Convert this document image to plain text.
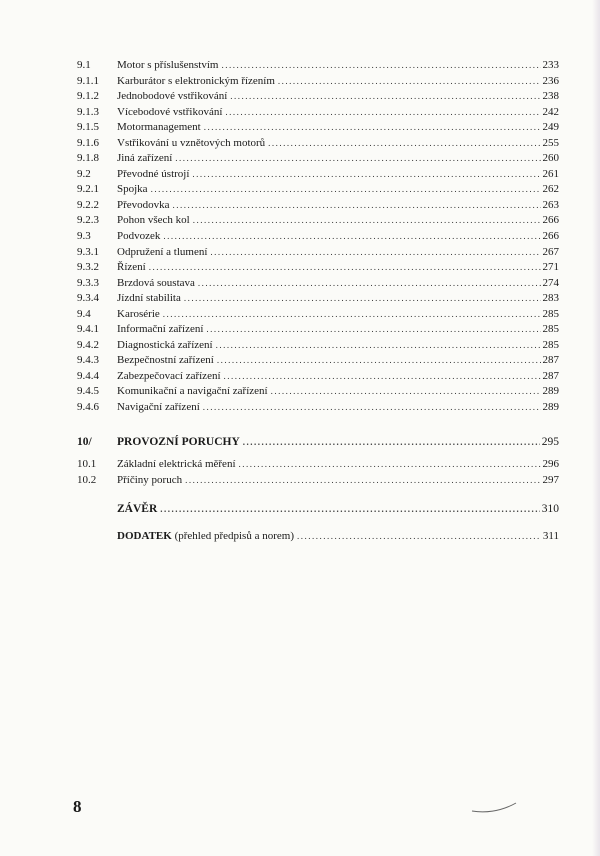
9.1	Motor s příslušenstvím .....	233
9.1.1	Karburátor s elektronickým řízením .....	236
9.1.2	Jednobodové vstřikování .....	238
9.1.3	Vícebodové vstřikování .....	242
9.1.5	Motormanagement .....	249
9.1.6	Vstřikování u vznětových motorů .....	255
9.1.8	Jiná zařízení .....	260
9.2	Převodné ústrojí .....	261
9.2.1	Spojka .....	262
9.2.2	Převodovka .....	263
9.2.3	Pohon všech kol .....	266
9.3	Podvozek .....	266
9.3.1	Odpružení a tlumení .....	267
9.3.2	Řízení .....	271
9.3.3	Brzdová soustava .....	274
9.3.4	Jízdní stabilita .....	283
9.4	Karosérie .....	285
9.4.1	Informační zařízení .....	285
9.4.2	Diagnostická zařízení .....	285
9.4.3	Bezpečnostní zařízení .....	287
9.4.4	Zabezpečovací zařízení .....	287
9.4.5	Komunikační a navigační zařízení .....	289
9.4.6	Navigační zařízení .....	289
10/	PROVOZNÍ PORUCHY .....	295
10.1	Základní elektrická měření .....	296
10.2	Příčiny poruch .....	297
ZÁVĚR .....	310
DODATEK (přehled předpisů a norem) .....	311
8
